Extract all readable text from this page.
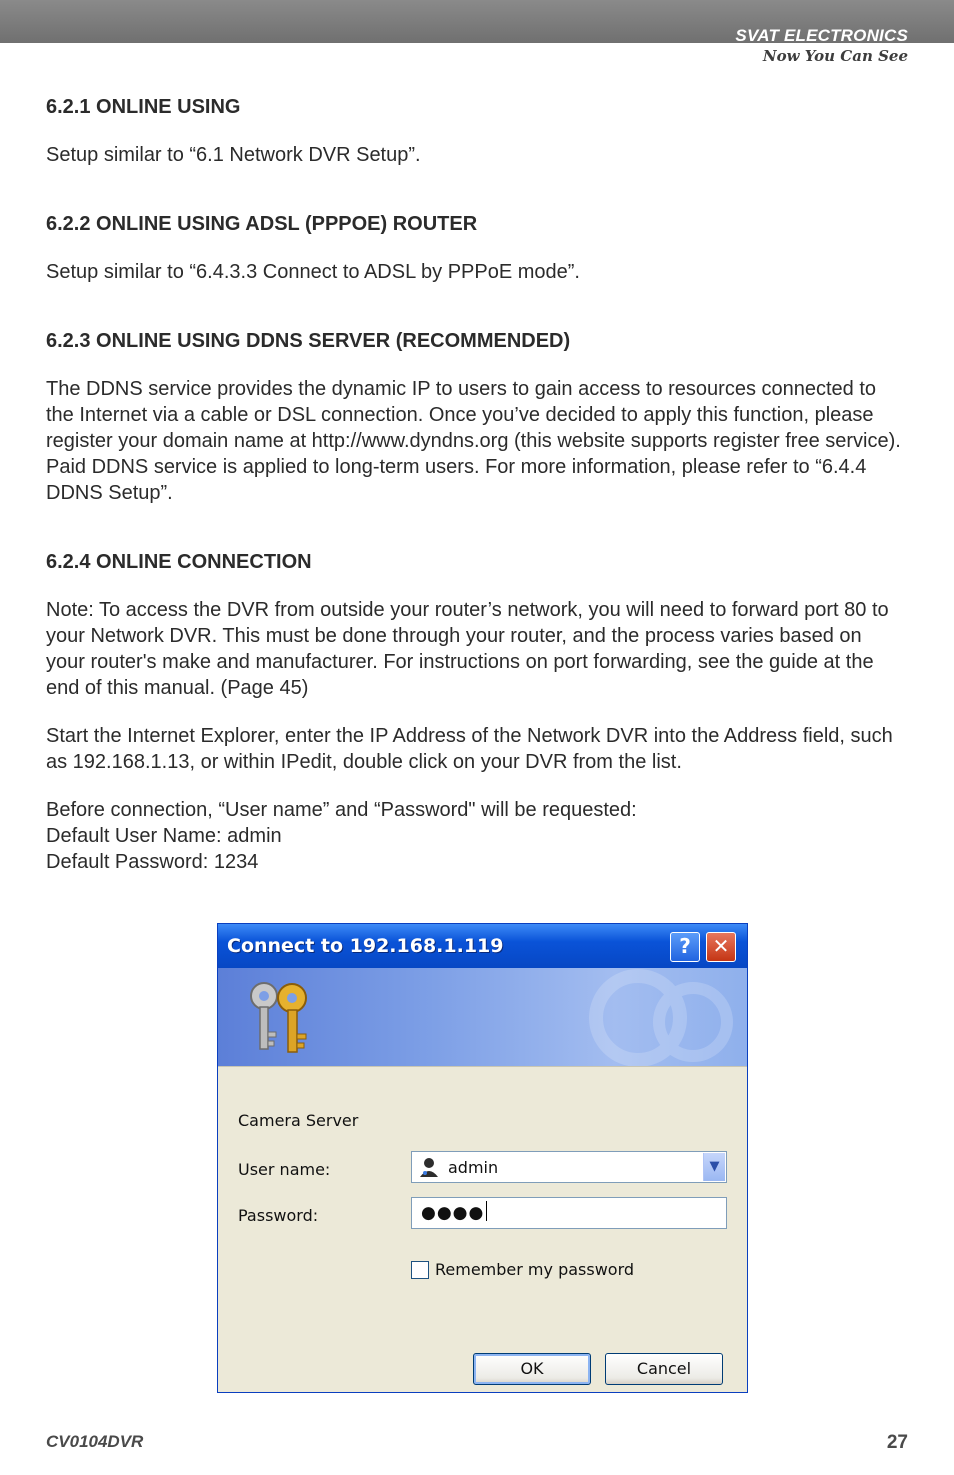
SVAT ELECTRONICS
Now You Can See
6.2.1 ONLINE USING

Setup similar to “6.1 Network DVR Setup”.

6.2.2 ONLINE USING ADSL (PPPOE) ROUTER

Setup similar to “6.4.3.3 Connect to ADSL by PPPoE mode”.

6.2.3 ONLINE USING DDNS SERVER (RECOMMENDED)

The DDNS service provides the dynamic IP to users to gain access to resources connected to the Internet via a cable or DSL connection. Once you’ve decided to apply this function, please register your domain name at http://www.dyndns.org (this website supports register free service). Paid DDNS service is applied to long-term users. For more information, please refer to “6.4.4 DDNS Setup”.

6.2.4 ONLINE CONNECTION

Note: To access the DVR from outside your router’s network, you will need to forward port 80 to your Network DVR. This must be done through your router, and the process varies based on your router's make and manufacturer. For instructions on port forwarding, see the guide at the end of this manual. (Page 45)

Start the Internet Explorer, enter the IP Address of the Network DVR into the Address field, such as 192.168.1.13, or within IPedit, double click on your DVR from the list.

Before connection, “User name” and “Password" will be requested:

Default User Name: admin

Default Password: 1234

Connect to 192.168.1.119	?	✕
Camera Server
User name:	admin	▼
Password:	●●●●
Remember my password
OK	Cancel
CV0104DVR	27
